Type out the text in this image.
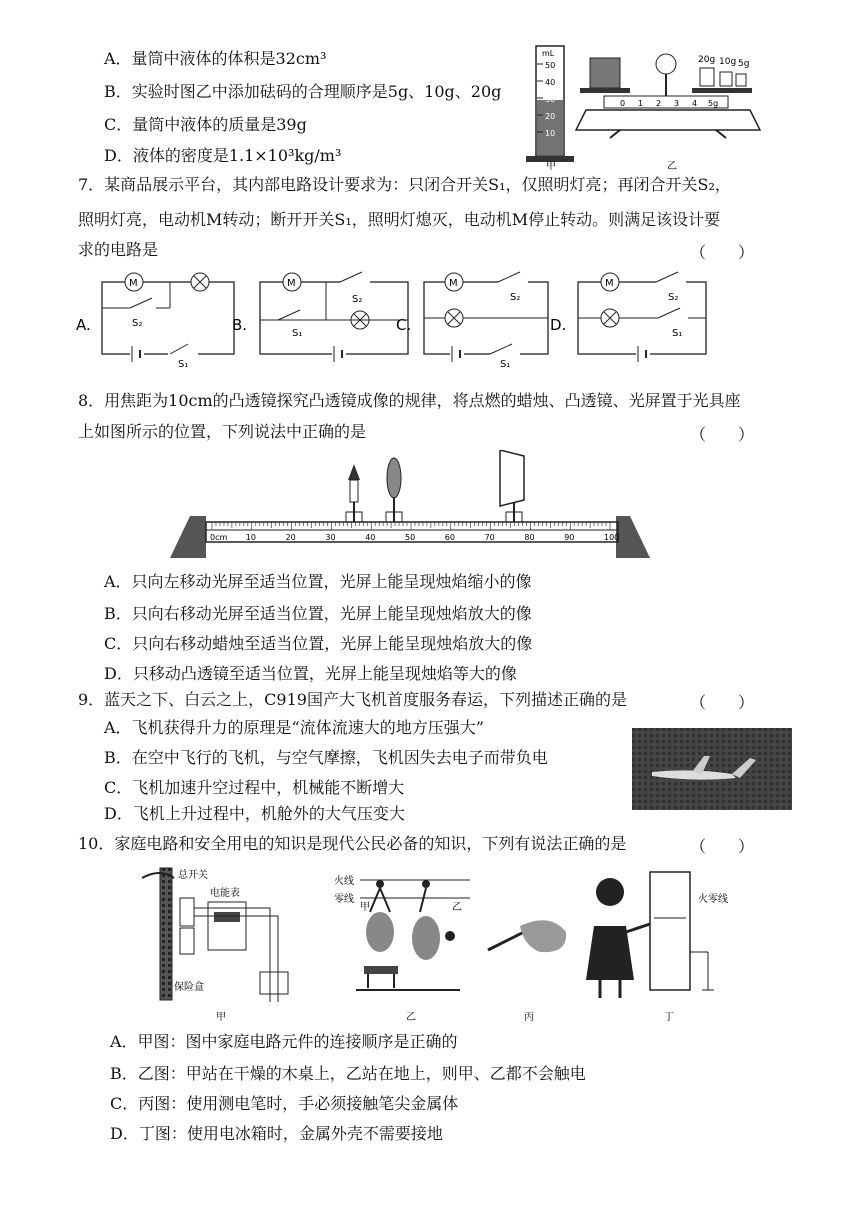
A．量筒中液体的体积是32cm³
B．实验时图乙中添加砝码的合理顺序是5g、10g、20g
C．量筒中液体的质量是39g
D．液体的密度是1.1×10³kg/m³
mL
50
40
30
20
10
甲
20g 10g 5g
0 1 2 3 4 5g
乙
7．某商品展示平台，其内部电路设计要求为：只闭合开关S₁，仅照明灯亮；再闭合开关S₂，
照明灯亮，电动机M转动；断开开关S₁，照明灯熄灭，电动机M停止转动。则满足该设计要
求的电路是	（　　）
A.
M
S₂
S₁
B.
M
S₂
S₁	C.
M
S₂
S₁
D.
M
S₂
S₁
8．用焦距为10cm的凸透镜探究凸透镜成像的规律，将点燃的蜡烛、凸透镜、光屏置于光具座
上如图所示的位置，下列说法中正确的是	（　　）
0cm 10	20	30	40	50	60	70	80	90	100
A．只向左移动光屏至适当位置，光屏上能呈现烛焰缩小的像
B．只向右移动光屏至适当位置，光屏上能呈现烛焰放大的像
C．只向右移动蜡烛至适当位置，光屏上能呈现烛焰放大的像
D．只移动凸透镜至适当位置，光屏上能呈现烛焰等大的像
9．蓝天之下、白云之上，C919国产大飞机首度服务春运，下列描述正确的是	（　　）
A．飞机获得升力的原理是“流体流速大的地方压强大”
B．在空中飞行的飞机，与空气摩擦，飞机因失去电子而带负电
C．飞机加速升空过程中，机械能不断增大
D．飞机上升过程中，机舱外的大气压变大
10．家庭电路和安全用电的知识是现代公民必备的知识，下列有说法正确的是	（　　）
总开关
电能表
保险盒
甲
火线
零线
甲	乙
乙	丙
火零线
丁
A．甲图：图中家庭电路元件的连接顺序是正确的
B．乙图：甲站在干燥的木桌上，乙站在地上，则甲、乙都不会触电
C．丙图：使用测电笔时，手必须接触笔尖金属体
D．丁图：使用电冰箱时，金属外壳不需要接地
